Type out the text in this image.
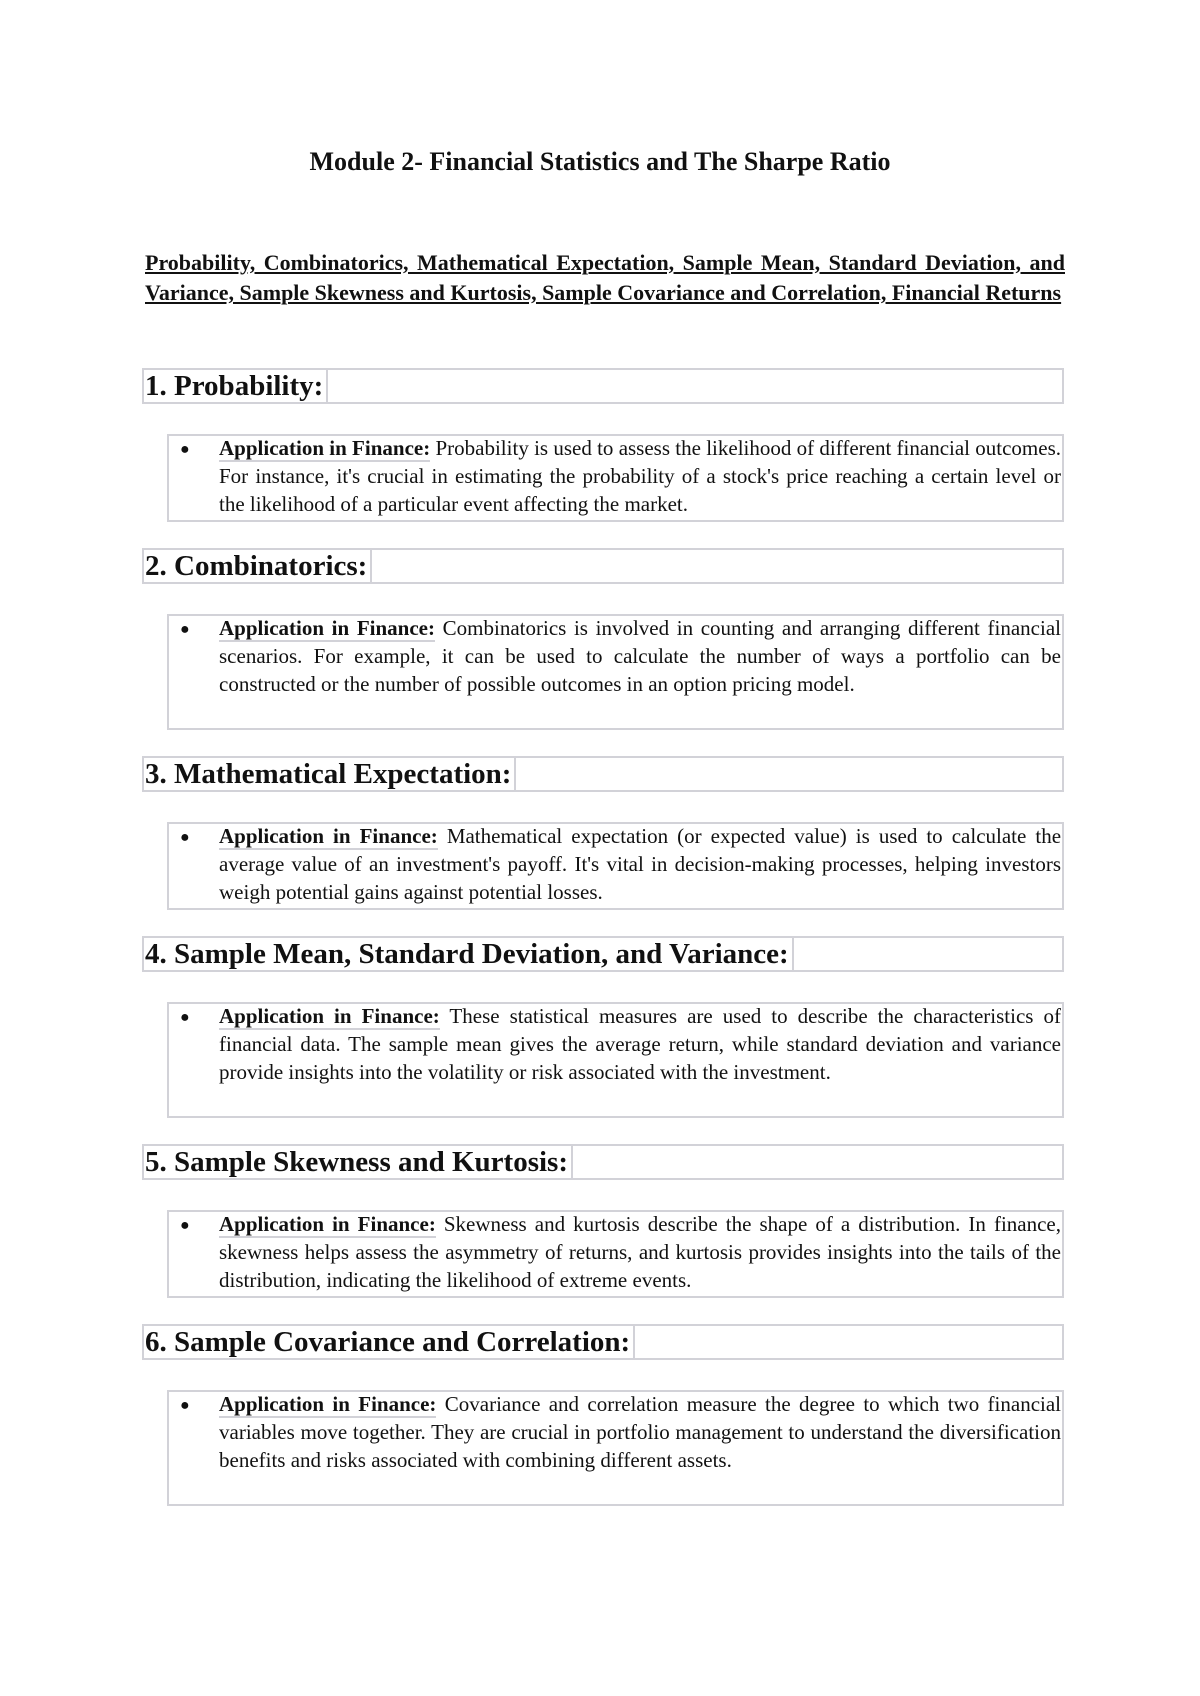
Module 2- Financial Statistics and The Sharpe Ratio

Probability, Combinatorics, Mathematical Expectation, Sample Mean, Standard Deviation, and Variance, Sample Skewness and Kurtosis, Sample Covariance and Correlation, Financial Returns

1. Probability:
● Application in Finance: Probability is used to assess the likelihood of different financial outcomes. For instance, it's crucial in estimating the probability of a stock's price reaching a certain level or the likelihood of a particular event affecting the market.

2. Combinatorics:
● Application in Finance: Combinatorics is involved in counting and arranging different financial scenarios. For example, it can be used to calculate the number of ways a portfolio can be constructed or the number of possible outcomes in an option pricing model.

3. Mathematical Expectation:
● Application in Finance: Mathematical expectation (or expected value) is used to calculate the average value of an investment's payoff. It's vital in decision-making processes, helping investors weigh potential gains against potential losses.

4. Sample Mean, Standard Deviation, and Variance:
● Application in Finance: These statistical measures are used to describe the characteristics of financial data. The sample mean gives the average return, while standard deviation and variance provide insights into the volatility or risk associated with the investment.

5. Sample Skewness and Kurtosis:
● Application in Finance: Skewness and kurtosis describe the shape of a distribution. In finance, skewness helps assess the asymmetry of returns, and kurtosis provides insights into the tails of the distribution, indicating the likelihood of extreme events.

6. Sample Covariance and Correlation:
● Application in Finance: Covariance and correlation measure the degree to which two financial variables move together. They are crucial in portfolio management to understand the diversification benefits and risks associated with combining different assets.
